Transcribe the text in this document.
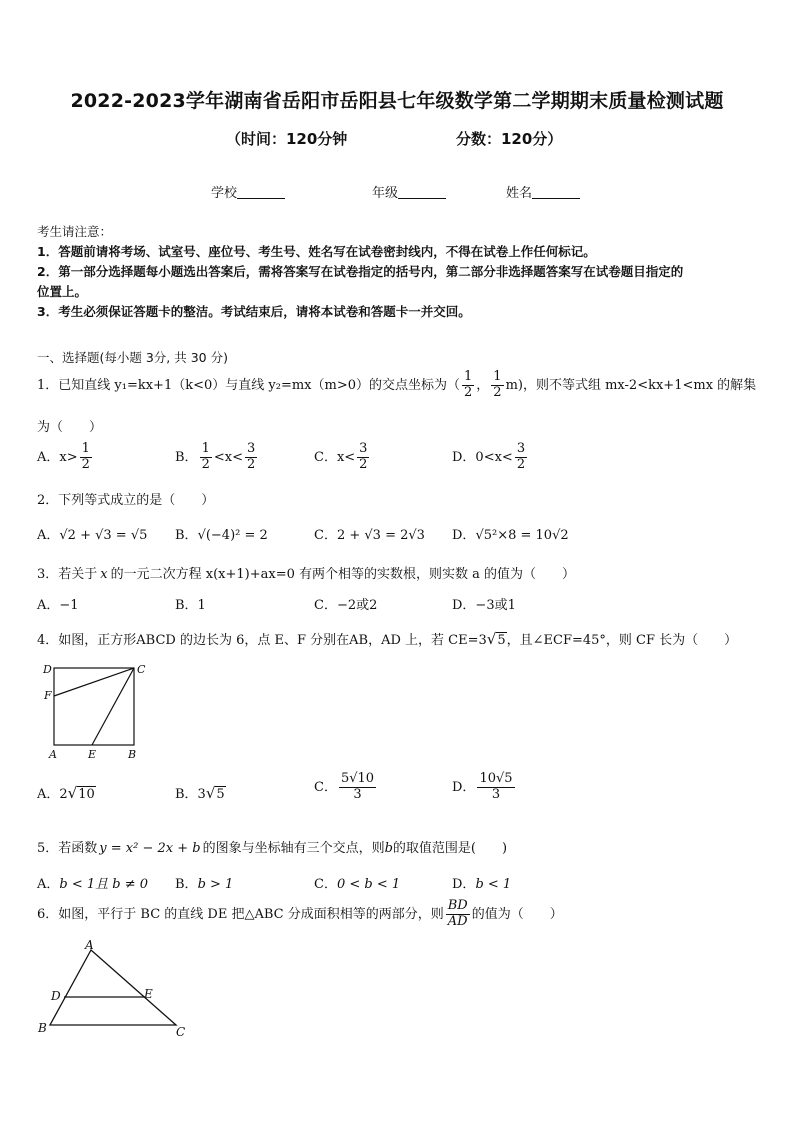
2022-2023学年湖南省岳阳市岳阳县七年级数学第二学期期末质量检测试题
（时间：120分钟	分数：120分）
学校	年级	姓名
考生请注意：
1．答题前请将考场、试室号、座位号、考生号、姓名写在试卷密封线内，不得在试卷上作任何标记。
2．第一部分选择题每小题选出答案后，需将答案写在试卷指定的括号内，第二部分非选择题答案写在试卷题目指定的
位置上。
3．考生必须保证答题卡的整洁。考试结束后，请将本试卷和答题卡一并交回。
一、选择题(每小题 3分, 共 30 分)
1．已知直线 y₁=kx+1（k<0）与直线 y₂=mx（m>0）的交点坐标为（ $\frac{1}{2}$ ， $\frac{1}{2} m$)，则不等式组 mx-2<kx+1<mx 的解集
为（　　）
A．$x> \frac{1}{2}$	B． $\frac{1}{2} <x< \frac{3}{2}$	C．$x< \frac{3}{2}$	D．$0<x< \frac{3}{2}$
2．下列等式成立的是（　　）
A．√2 + √3 = √5 B．√(−4)² = 2	C．2 + √3 = 2√3 D．√5²×8 = 10√2
3．若关于 x 的一元二次方程 x(x+1)+ax=0 有两个相等的实数根，则实数 a 的值为（　　）
A．−1	B．1	C．−2或2	D．−3或1
4．如图，正方形ABCD 的边长为 6，点 E、F 分别在AB，AD 上，若 CE=3√5，且∠ECF=45°，则 CF 长为（　　）
D	C
F
A	E	B
A．2√10	B．3√5	C． $\frac{5√10}{3}$	D． $\frac{10√5}{3}$
5．若函数 y = x² − 2x + b 的图象与坐标轴有三个交点，则b的取值范围是(　　)
A．b < 1且 b ≠ 0 B．b > 1	C．0 < b < 1	D．b < 1
6．如图，平行于 BC 的直线 DE 把△ABC 分成面积相等的两部分，则 $\frac{BD}{AD}$ 的值为（　　）
A
D	E
B	C
